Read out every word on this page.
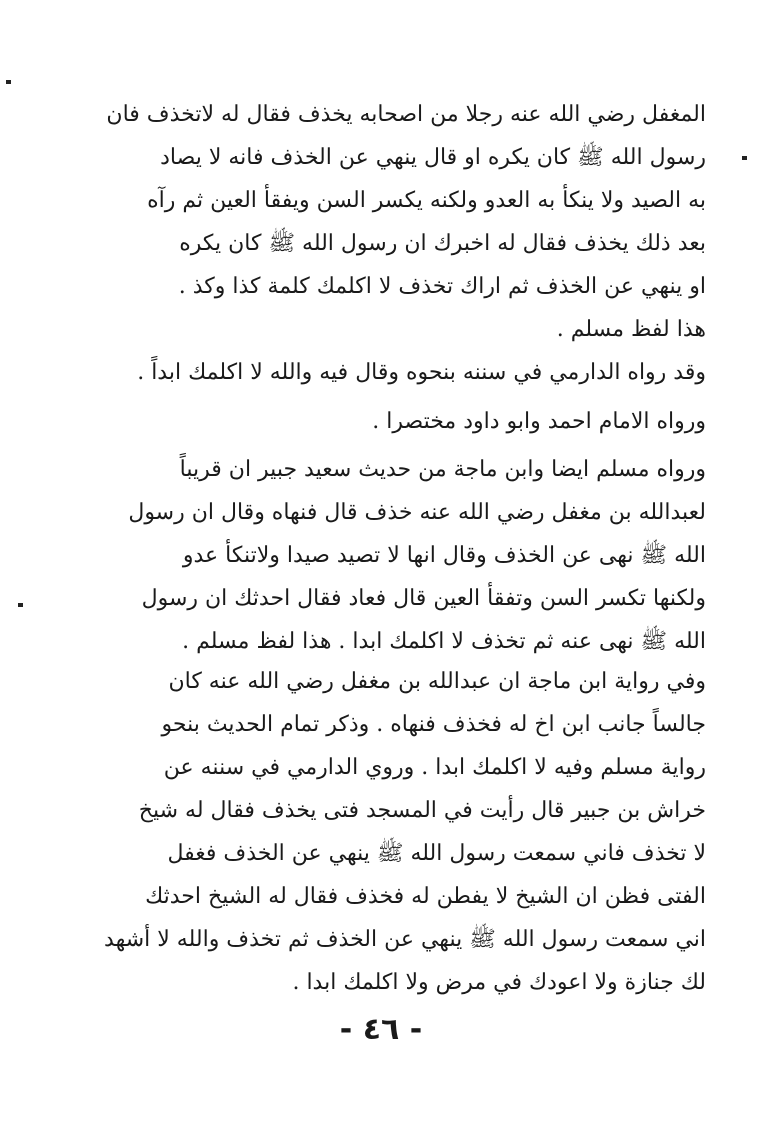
المغفل رضي الله عنه رجلا من اصحابه يخذف فقال له لاتخذف فان
رسول الله ﷺ كان يكره او قال ينهي عن الخذف فانه لا يصاد
به الصيد ولا ينكأ به العدو ولكنه يكسر السن ويفقأ العين ثم رآه
بعد ذلك يخذف فقال له اخبرك ان رسول الله ﷺ كان يكره
او ينهي عن الخذف ثم اراك تخذف لا اكلمك كلمة كذا وكذ .
هذا لفظ مسلم .
وقد رواه الدارمي في سننه بنحوه وقال فيه والله لا اكلمك ابداً .
ورواه الامام احمد وابو داود مختصرا .
ورواه مسلم ايضا وابن ماجة من حديث سعيد جبير ان قريباً
لعبدالله بن مغفل رضي الله عنه خذف قال فنهاه وقال ان رسول
الله ﷺ نهى عن الخذف وقال انها لا تصيد صيدا ولاتنكأ عدو
ولكنها تكسر السن وتفقأ العين قال فعاد فقال احدثك ان رسول
الله ﷺ نهى عنه ثم تخذف لا اكلمك ابدا . هذا لفظ مسلم .
وفي رواية ابن ماجة ان عبدالله بن مغفل رضي الله عنه كان
جالساً جانب ابن اخ له فخذف فنهاه . وذكر تمام الحديث بنحو
رواية مسلم وفيه لا اكلمك ابدا . وروي الدارمي في سننه عن
خراش بن جبير قال رأيت في المسجد فتى يخذف فقال له شيخ
لا تخذف فاني سمعت رسول الله ﷺ ينهي عن الخذف فغفل
الفتى فظن ان الشيخ لا يفطن له فخذف فقال له الشيخ احدثك
اني سمعت رسول الله ﷺ ينهي عن الخذف ثم تخذف والله لا أشهد
لك جنازة ولا اعودك في مرض ولا اكلمك ابدا .
- ٤٦ -
